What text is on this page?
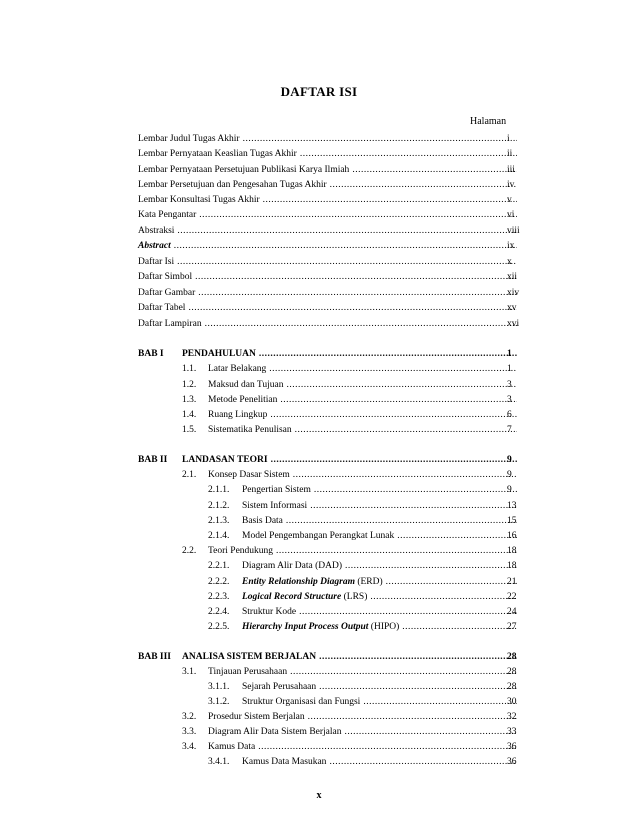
DAFTAR ISI
Halaman
Lembar Judul Tugas Akhir .....	i
Lembar Pernyataan Keaslian Tugas Akhir .....	ii
Lembar Pernyataan Persetujuan Publikasi Karya Ilmiah .....	iii
Lembar Persetujuan dan Pengesahan Tugas Akhir .....	iv
Lembar Konsultasi Tugas Akhir .....	v
Kata Pengantar .....	vi
Abstraksi .....	viii
Abstract .....	ix
Daftar Isi .....	x
Daftar Simbol .....	xii
Daftar Gambar .....	xiv
Daftar Tabel .....	xv
Daftar Lampiran .....	xvi
BAB I	PENDAHULUAN .....	1
1.1.	Latar Belakang .....	1
1.2.	Maksud dan Tujuan .....	3
1.3.	Metode Penelitian .....	3
1.4.	Ruang Lingkup .....	6
1.5.	Sistematika Penulisan .....	7
BAB II	LANDASAN TEORI .....	9
2.1.	Konsep Dasar Sistem .....	9
2.1.1.	Pengertian Sistem .....	9
2.1.2.	Sistem Informasi .....	13
2.1.3.	Basis Data .....	15
2.1.4.	Model Pengembangan Perangkat Lunak .....	16
2.2.	Teori Pendukung .....	18
2.2.1.	Diagram Alir Data (DAD) .....	18
2.2.2.	Entity Relationship Diagram (ERD) .....	21
2.2.3.	Logical Record Structure (LRS) .....	22
2.2.4.	Struktur Kode .....	24
2.2.5.	Hierarchy Input Process Output (HIPO) .....	27
BAB III	ANALISA SISTEM BERJALAN .....	28
3.1.	Tinjauan Perusahaan .....	28
3.1.1.	Sejarah Perusahaan .....	28
3.1.2.	Struktur Organisasi dan Fungsi .....	30
3.2.	Prosedur Sistem Berjalan .....	32
3.3.	Diagram Alir Data Sistem Berjalan .....	33
3.4.	Kamus Data .....	36
3.4.1.	Kamus Data Masukan .....	36
x
